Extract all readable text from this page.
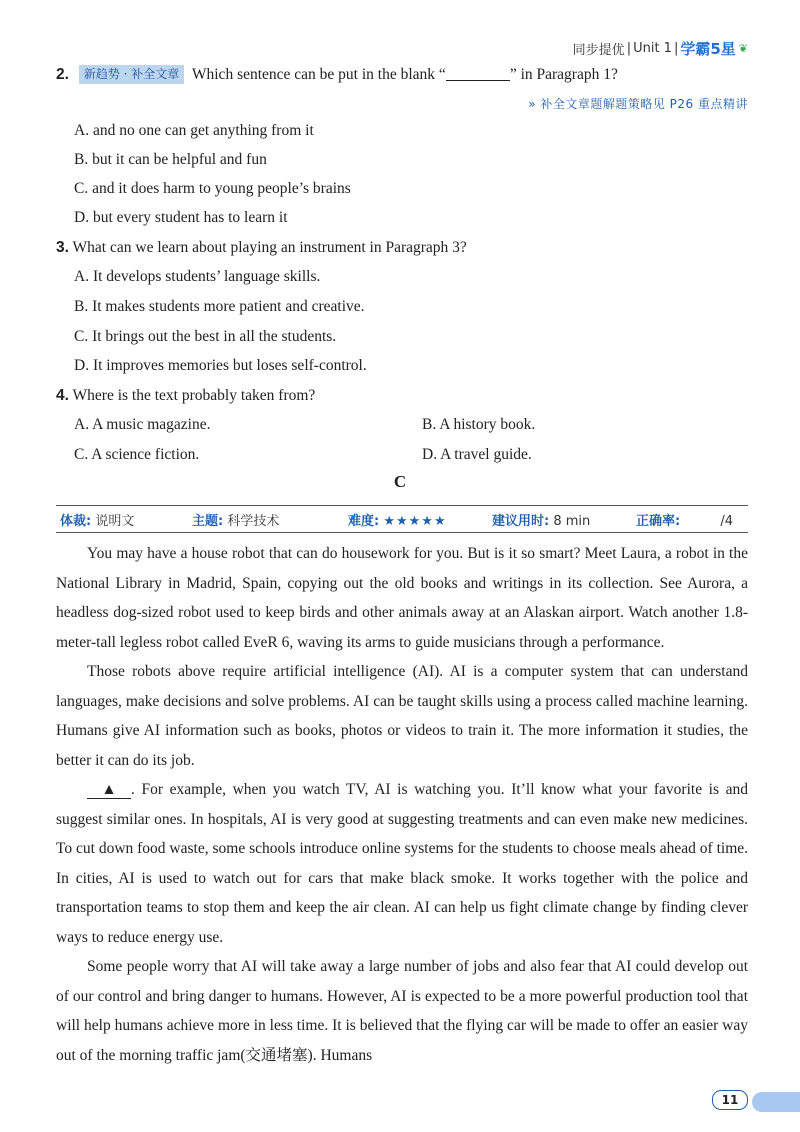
同步提优 | Unit 1 | 学霸5星 ❦
2. 新趋势 · 补全文章 Which sentence can be put in the blank “	” in Paragraph 1?
» 补全文章题解题策略见 P26 重点精讲
A. and no one can get anything from it
B. but it can be helpful and fun
C. and it does harm to young people’s brains
D. but every student has to learn it
3. What can we learn about playing an instrument in Paragraph 3?
A. It develops students’ language skills.
B. It makes students more patient and creative.
C. It brings out the best in all the students.
D. It improves memories but loses self-control.
4. Where is the text probably taken from?
A. A music magazine.	B. A history book.
C. A science fiction.	D. A travel guide.
C
体裁: 说明文	主题: 科学技术	难度: ★★★★★	建议用时: 8 min	正确率:	/4

You may have a house robot that can do housework for you. But is it so smart? Meet Laura, a robot in the National Library in Madrid, Spain, copying out the old books and writings in its collection. See Aurora, a headless dog-sized robot used to keep birds and other animals away at an Alaskan airport. Watch another 1.8-meter-tall legless robot called EveR 6, waving its arms to guide musicians through a performance.

Those robots above require artificial intelligence (AI). AI is a computer system that can understand languages, make decisions and solve problems. AI can be taught skills using a process called machine learning. Humans give AI information such as books, photos or videos to train it. The more information it studies, the better it can do its job.

▲ . For example, when you watch TV, AI is watching you. It’ll know what your favorite is and suggest similar ones. In hospitals, AI is very good at suggesting treatments and can even make new medicines. To cut down food waste, some schools introduce online systems for the students to choose meals ahead of time. In cities, AI is used to watch out for cars that make black smoke. It works together with the police and transportation teams to stop them and keep the air clean. AI can help us fight climate change by finding clever ways to reduce energy use.

Some people worry that AI will take away a large number of jobs and also fear that AI could develop out of our control and bring danger to humans. However, AI is expected to be a more powerful production tool that will help humans achieve more in less time. It is believed that the flying car will be made to offer an easier way out of the morning traffic jam(交通堵塞). Humans

11
